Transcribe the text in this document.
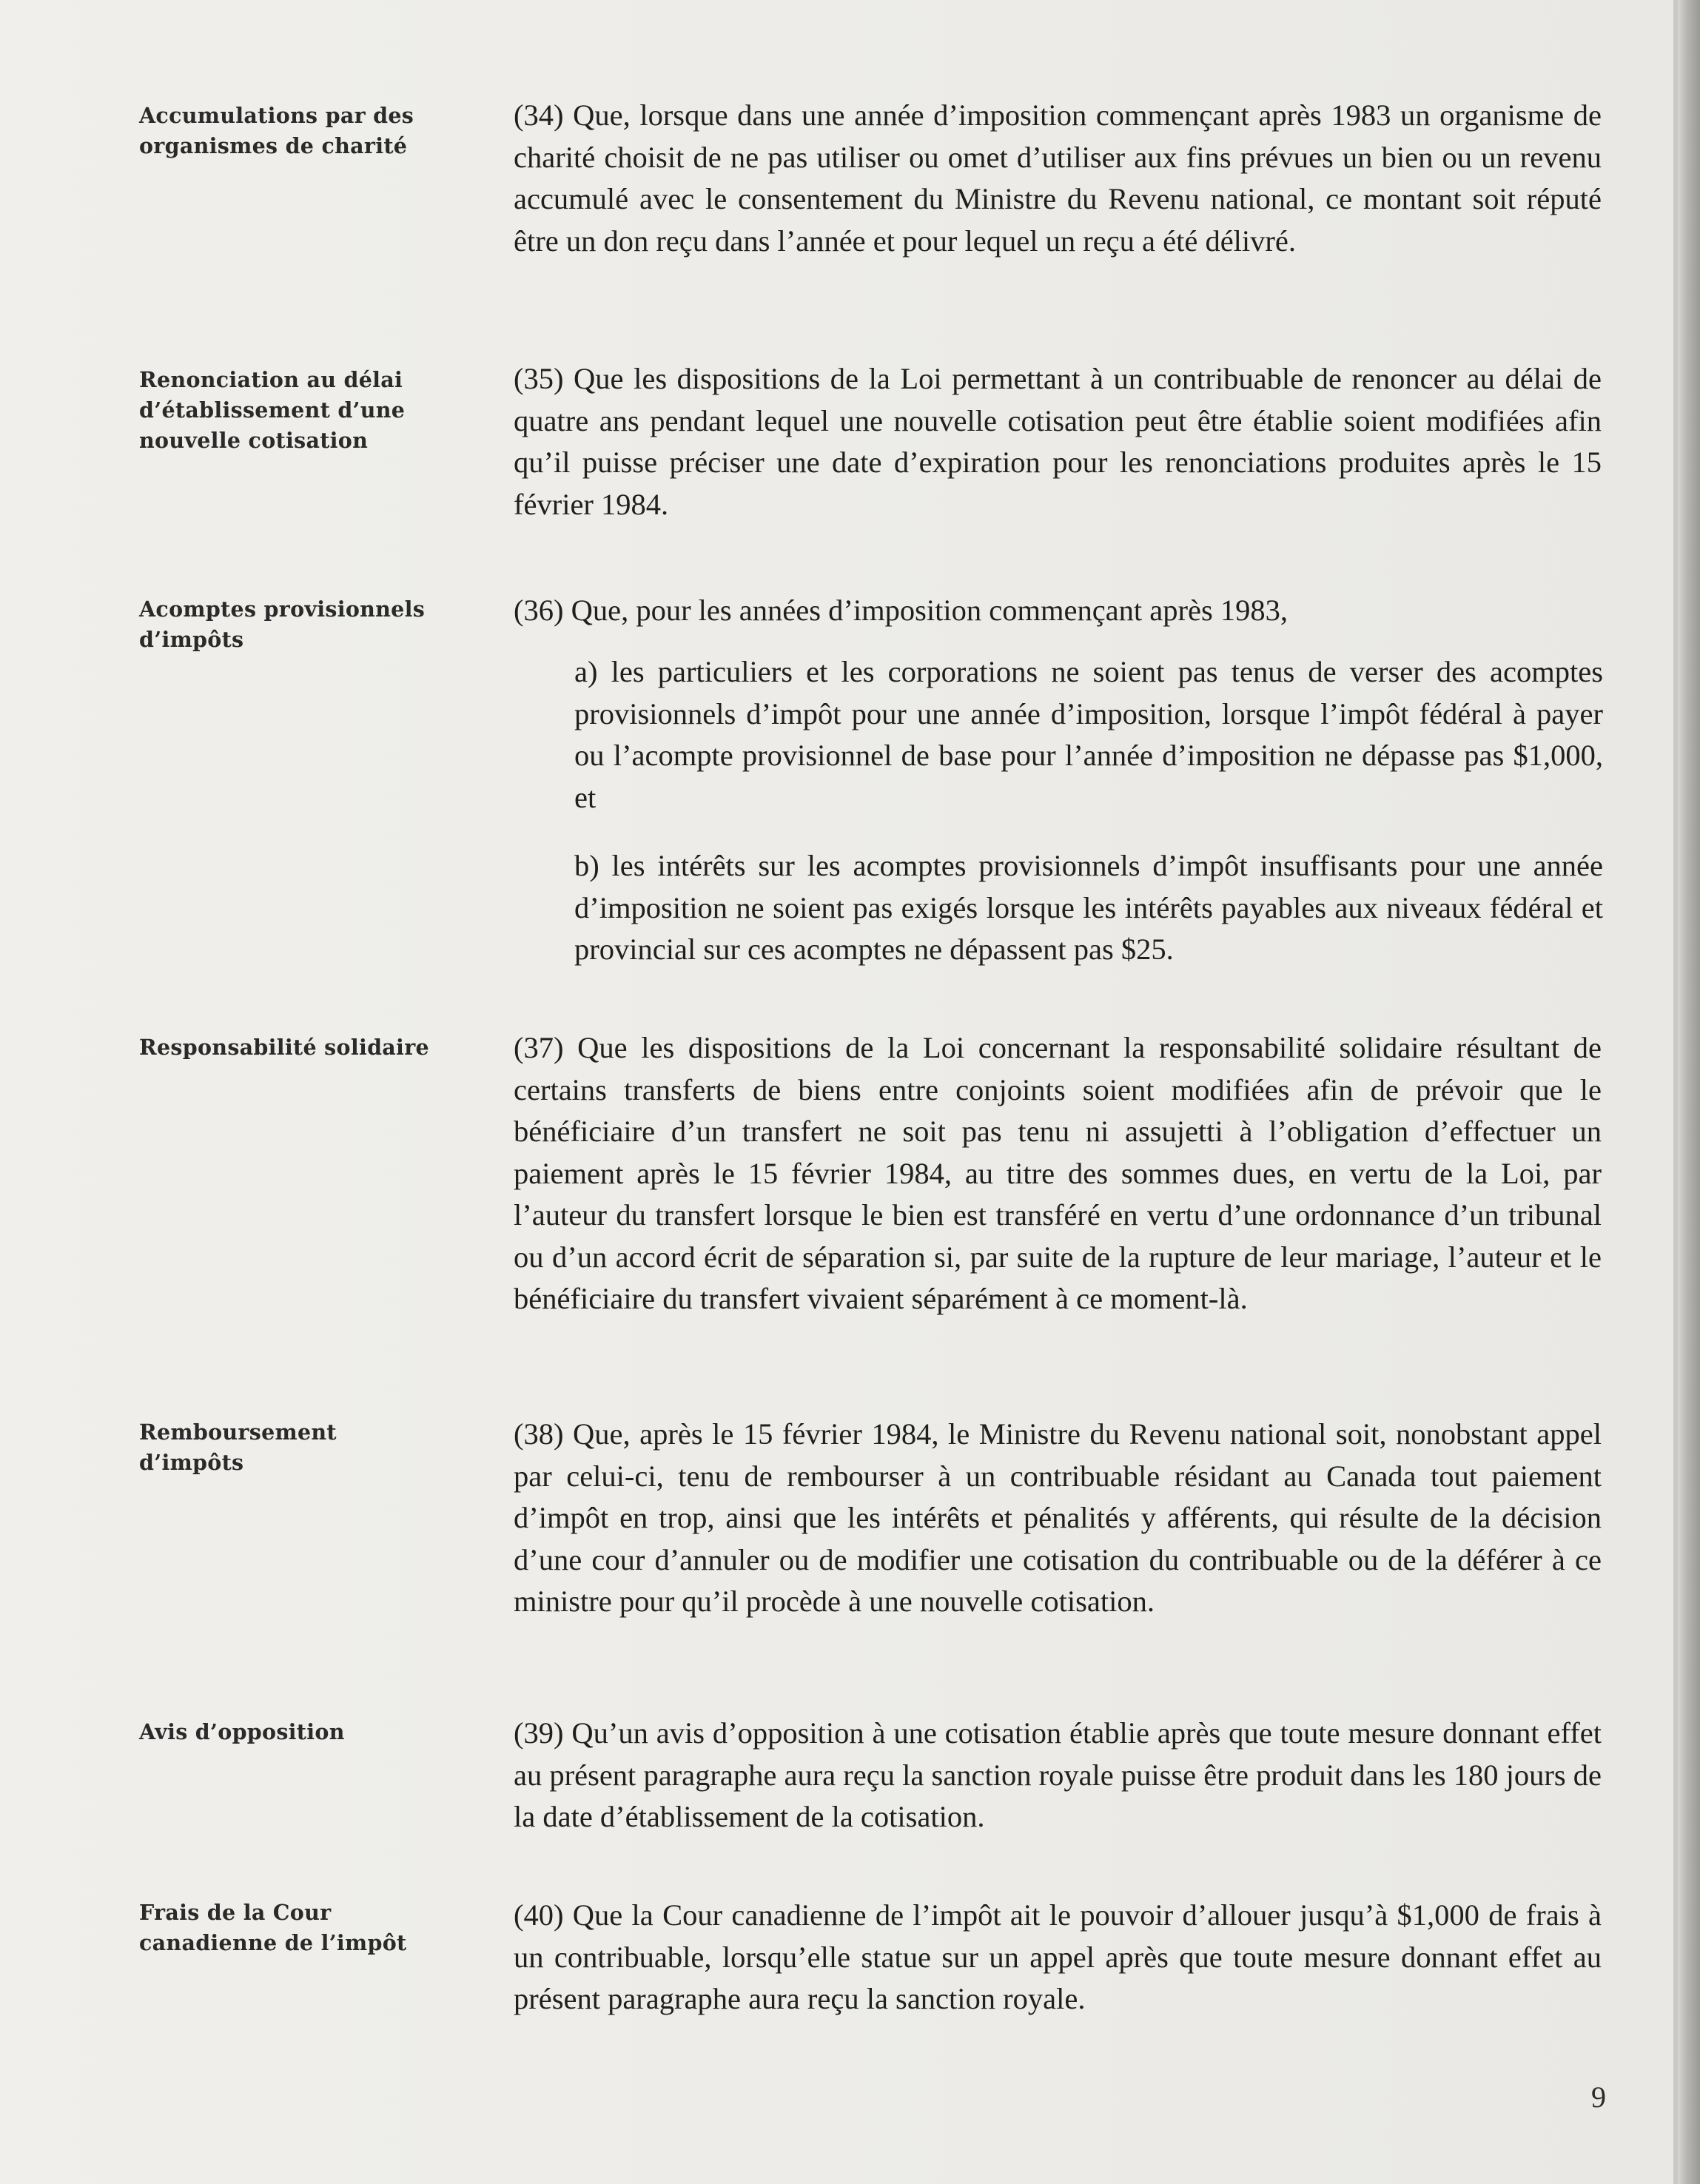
Accumulations par des organismes de charité
(34) Que, lorsque dans une année d’imposition commençant après 1983 un organisme de charité choisit de ne pas utiliser ou omet d’utiliser aux fins prévues un bien ou un revenu accumulé avec le consentement du Ministre du Revenu national, ce montant soit réputé être un don reçu dans l’année et pour lequel un reçu a été délivré.
Renonciation au délai d’établissement d’une nouvelle cotisation
(35) Que les dispositions de la Loi permettant à un contribuable de renoncer au délai de quatre ans pendant lequel une nouvelle cotisation peut être établie soient modifiées afin qu’il puisse préciser une date d’expiration pour les renonciations produites après le 15 février 1984.
Acomptes provisionnels d’impôts
(36) Que, pour les années d’imposition commençant après 1983,
a) les particuliers et les corporations ne soient pas tenus de verser des acomptes provisionnels d’impôt pour une année d’imposition, lorsque l’impôt fédéral à payer ou l’acompte provisionnel de base pour l’année d’imposition ne dépasse pas $1,000, et
b) les intérêts sur les acomptes provisionnels d’impôt insuffisants pour une année d’imposition ne soient pas exigés lorsque les intérêts payables aux niveaux fédéral et provincial sur ces acomptes ne dépassent pas $25.
Responsabilité solidaire	(37) Que les dispositions de la Loi concernant la responsabilité solidaire résultant de certains transferts de biens entre conjoints soient modifiées afin de prévoir que le bénéficiaire d’un transfert ne soit pas tenu ni assujetti à l’obligation d’effectuer un paiement après le 15 février 1984, au titre des sommes dues, en vertu de la Loi, par l’auteur du transfert lorsque le bien est transféré en vertu d’une ordonnance d’un tribunal ou d’un accord écrit de séparation si, par suite de la rupture de leur mariage, l’auteur et le bénéficiaire du transfert vivaient séparément à ce moment-là.
Remboursement d’impôts
(38) Que, après le 15 février 1984, le Ministre du Revenu national soit, nonobstant appel par celui-ci, tenu de rembourser à un contribuable résidant au Canada tout paiement d’impôt en trop, ainsi que les intérêts et pénalités y afférents, qui résulte de la décision d’une cour d’annuler ou de modifier une cotisation du contribuable ou de la déférer à ce ministre pour qu’il procède à une nouvelle cotisation.
Avis d’opposition	(39) Qu’un avis d’opposition à une cotisation établie après que toute mesure donnant effet au présent paragraphe aura reçu la sanction royale puisse être produit dans les 180 jours de la date d’établissement de la cotisation.
Frais de la Cour canadienne de l’impôt
(40) Que la Cour canadienne de l’impôt ait le pouvoir d’allouer jusqu’à $1,000 de frais à un contribuable, lorsqu’elle statue sur un appel après que toute mesure donnant effet au présent paragraphe aura reçu la sanction royale.
9
